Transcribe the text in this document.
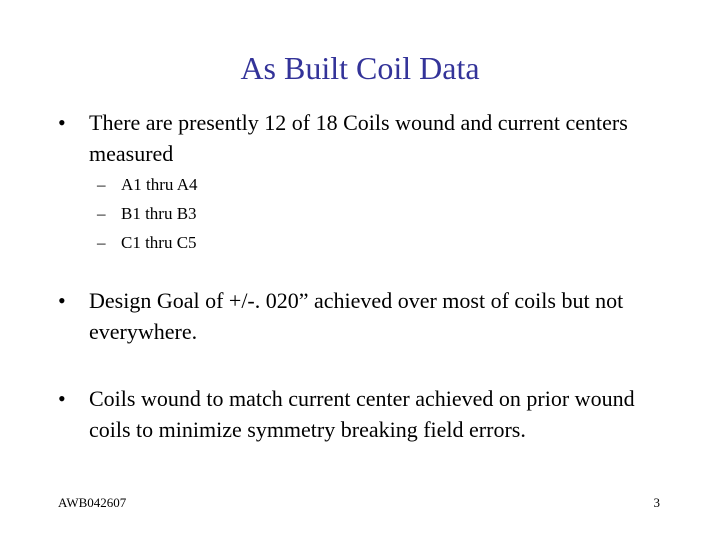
As Built Coil Data
•	There are presently 12 of 18 Coils wound and current centers measured
– A1 thru A4
– B1 thru B3
– C1 thru C5
•	Design Goal of +/-. 020” achieved over most of coils but not everywhere.
•	Coils wound to match current center achieved on prior wound coils to minimize symmetry breaking field errors.
AWB042607	3
